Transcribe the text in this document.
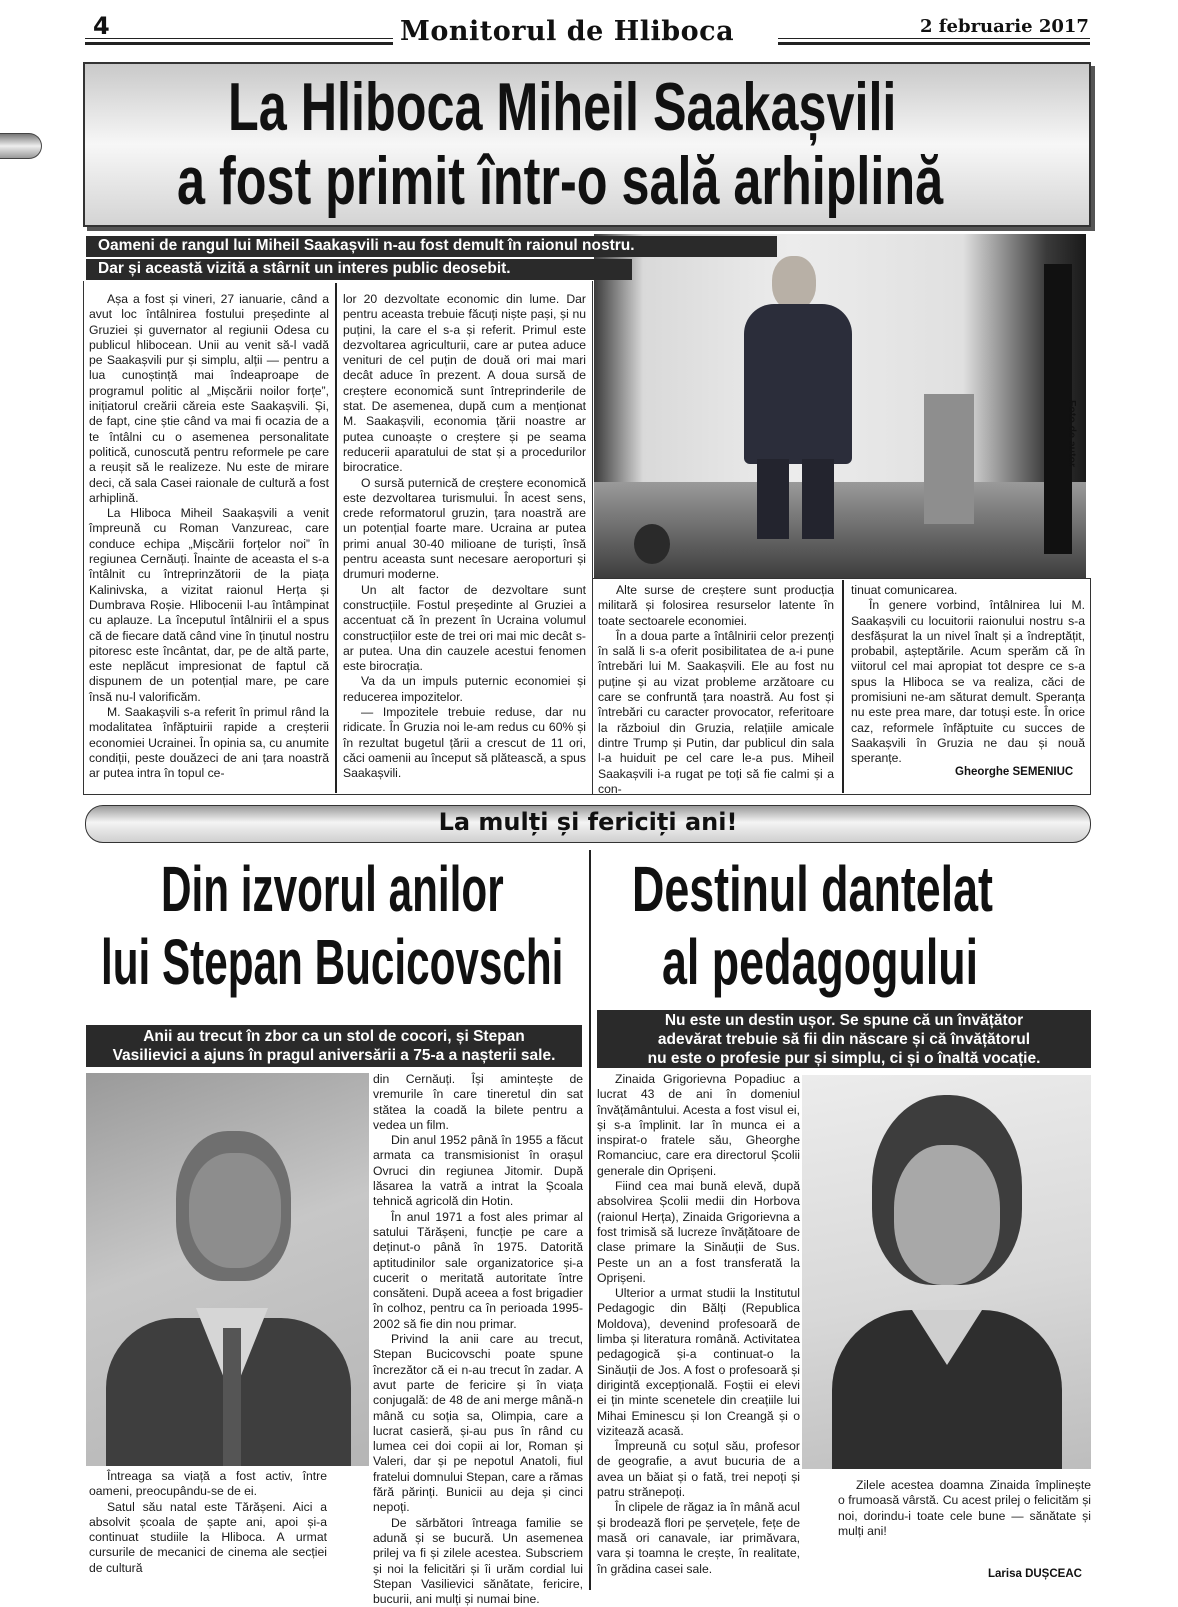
4	Monitorul de Hliboca	2 februarie 2017
La Hliboca Miheil Saakașvili
a fost primit într-o sală arhiplină
Foto de autor
Oameni de rangul lui Miheil Saakașvili n-au fost demult în raionul nostru.
Dar și această vizită a stârnit un interes public deosebit.

Așa a fost și vineri, 27 ianuarie, când a avut loc întâlnirea fostului președinte al Gruziei și guvernator al regiunii Odesa cu publicul hlibocean. Unii au venit să-l vadă pe Saakașvili pur și simplu, alții — pentru a lua cunoștință mai îndeaproape de programul politic al „Mișcării noilor forțe”, inițiatorul creării căreia este Saakașvili. Și, de fapt, cine știe când va mai fi ocazia de a te întâlni cu o asemenea personalitate politică, cunoscută pentru reformele pe care a reușit să le realizeze. Nu este de mirare deci, că sala Casei raionale de cultură a fost arhiplină.

La Hliboca Miheil Saakașvili a venit împreună cu Roman Vanzureac, care conduce echipa „Mișcării forțelor noi” în regiunea Cernăuți. Înainte de aceasta el s-a întâlnit cu întreprinzătorii de la piața Kalinivska, a vizitat raionul Herța și Dumbrava Roșie. Hlibocenii l-au întâmpinat cu aplauze. La începutul întâlnirii el a spus că de fiecare dată când vine în ținutul nostru pitoresc este încântat, dar, pe de altă parte, este neplăcut impresionat de faptul că dispunem de un potențial mare, pe care însă nu-l valorificăm.

M. Saakașvili s-a referit în primul rând la modalitatea înfăptuirii rapide a creșterii economiei Ucrainei. În opinia sa, cu anumite condiții, peste douăzeci de ani țara noastră ar putea intra în topul ce-

lor 20 dezvoltate economic din lume. Dar pentru aceasta trebuie făcuți niște pași, și nu puțini, la care el s-a și referit. Primul este dezvoltarea agriculturii, care ar putea aduce venituri de cel puțin de două ori mai mari decât aduce în prezent. A doua sursă de creștere economică sunt întreprinderile de stat. De asemenea, după cum a menționat M. Saakașvili, economia țării noastre ar putea cunoaște o creștere și pe seama reducerii aparatului de stat și a procedurilor birocratice.

O sursă puternică de creștere economică este dezvoltarea turismului. În acest sens, crede reformatorul gruzin, țara noastră are un potențial foarte mare. Ucraina ar putea primi anual 30-40 milioane de turiști, însă pentru aceasta sunt necesare aeroporturi și drumuri moderne.

Un alt factor de dezvoltare sunt construcțiile. Fostul președinte al Gruziei a accentuat că în prezent în Ucraina volumul construcțiilor este de trei ori mai mic decât s-ar putea. Una din cauzele acestui fenomen este birocrația.

Va da un impuls puternic economiei și reducerea impozitelor.

— Impozitele trebuie reduse, dar nu ridicate. În Gruzia noi le-am redus cu 60% și în rezultat bugetul țării a crescut de 11 ori, căci oamenii au început să plătească, a spus Saakașvili.

Alte surse de creștere sunt producția militară și folosirea resurselor latente în toate sectoarele economiei.

În a doua parte a întâlnirii celor prezenți în sală li s-a oferit posibilitatea de a-i pune întrebări lui M. Saakașvili. Ele au fost nu puține și au vizat probleme arzătoare cu care se confruntă țara noastră. Au fost și întrebări cu caracter provocator, referitoare la războiul din Gruzia, relațiile amicale dintre Trump și Putin, dar publicul din sala l-a huiduit pe cel care le-a pus. Miheil Saakașvili i-a rugat pe toți să fie calmi și a con-

tinuat comunicarea.

În genere vorbind, întâlnirea lui M. Saakașvili cu locuitorii raionului nostru s-a desfășurat la un nivel înalt și a îndreptățit, probabil, așteptările. Acum sperăm că în viitorul cel mai apropiat tot despre ce s-a spus la Hliboca se va realiza, căci de promisiuni ne-am săturat demult. Speranța nu este prea mare, dar totuși este. În orice caz, reformele înfăptuite cu succes de Saakașvili în Gruzia ne dau și nouă speranțe.

Gheorghe SEMENIUC
La mulți și fericiți ani!
Din izvorul anilor
lui Stepan Bucicovschi
Anii au trecut în zbor ca un stol de cocori, și Stepan
Vasilievici a ajuns în pragul aniversării a 75-a a nașterii sale.

Întreaga sa viață a fost activ, între oameni, preocupându-se de ei.

Satul său natal este Tărășeni. Aici a absolvit școala de șapte ani, apoi și-a continuat studiile la Hliboca. A urmat cursurile de mecanici de cinema ale secției de cultură

din Cernăuți. Își amintește de vremurile în care tineretul din sat stătea la coadă la bilete pentru a vedea un film.

Din anul 1952 până în 1955 a făcut armata ca transmisionist în orașul Ovruci din regiunea Jitomir. După lăsarea la vatră a intrat la Școala tehnică agricolă din Hotin.

În anul 1971 a fost ales primar al satului Tărășeni, funcție pe care a deținut-o până în 1975. Datorită aptitudinilor sale organizatorice și-a cucerit o meritată autoritate între consăteni. După aceea a fost brigadier în colhoz, pentru ca în perioada 1995-2002 să fie din nou primar.

Privind la anii care au trecut, Stepan Bucicovschi poate spune încrezător că ei n-au trecut în zadar. A avut parte de fericire și în viața conjugală: de 48 de ani merge mână-n mână cu soția sa, Olimpia, care a lucrat casieră, și-au pus în rând cu lumea cei doi copii ai lor, Roman și Valeri, dar și pe nepotul Anatoli, fiul fratelui domnului Stepan, care a rămas fără părinți. Bunicii au deja și cinci nepoți.

De sărbători întreaga familie se adună și se bucură. Un asemenea prilej va fi și zilele acestea. Subscriem și noi la felicitări și îi urăm cordial lui Stepan Vasilievici sănătate, fericire, bucurii, ani mulți și numai bine.

Destinul dantelat
al pedagogului
Nu este un destin ușor. Se spune că un învățător
adevărat trebuie să fii din născare și că învățătorul
nu este o profesie pur și simplu, ci și o înaltă vocație.

Zinaida Grigorievna Popadiuc a lucrat 43 de ani în domeniul învățământului. Acesta a fost visul ei, și s-a împlinit. Iar în munca ei a inspirat-o fratele său, Gheorghe Romanciuc, care era directorul Școlii generale din Oprișeni.

Fiind cea mai bună elevă, după absolvirea Școlii medii din Horbova (raionul Herța), Zinaida Grigorievna a fost trimisă să lucreze învățătoare de clase primare la Sinăuții de Sus. Peste un an a fost transferată la Oprișeni.

Ulterior a urmat studii la Institutul Pedagogic din Bălți (Republica Moldova), devenind profesoară de limba și literatura română. Activitatea pedagogică și-a continuat-o la Sinăuții de Jos. A fost o profesoară și dirigintă excepțională. Foștii ei elevi ei țin minte scenetele din creațiile lui Mihai Eminescu și Ion Creangă și o vizitează acasă.

Împreună cu soțul său, profesor de geografie, a avut bucuria de a avea un băiat și o fată, trei nepoți și patru strănepoți.

În clipele de răgaz ia în mână acul și brodează flori pe șervețele, fețe de masă ori canavale, iar primăvara, vara și toamna le crește, în realitate, în grădina casei sale.

Zilele acestea doamna Zinaida împlinește o frumoasă vârstă. Cu acest prilej o felicităm și noi, dorindu-i toate cele bune — sănătate și mulți ani!

Larisa DUȘCEAC
